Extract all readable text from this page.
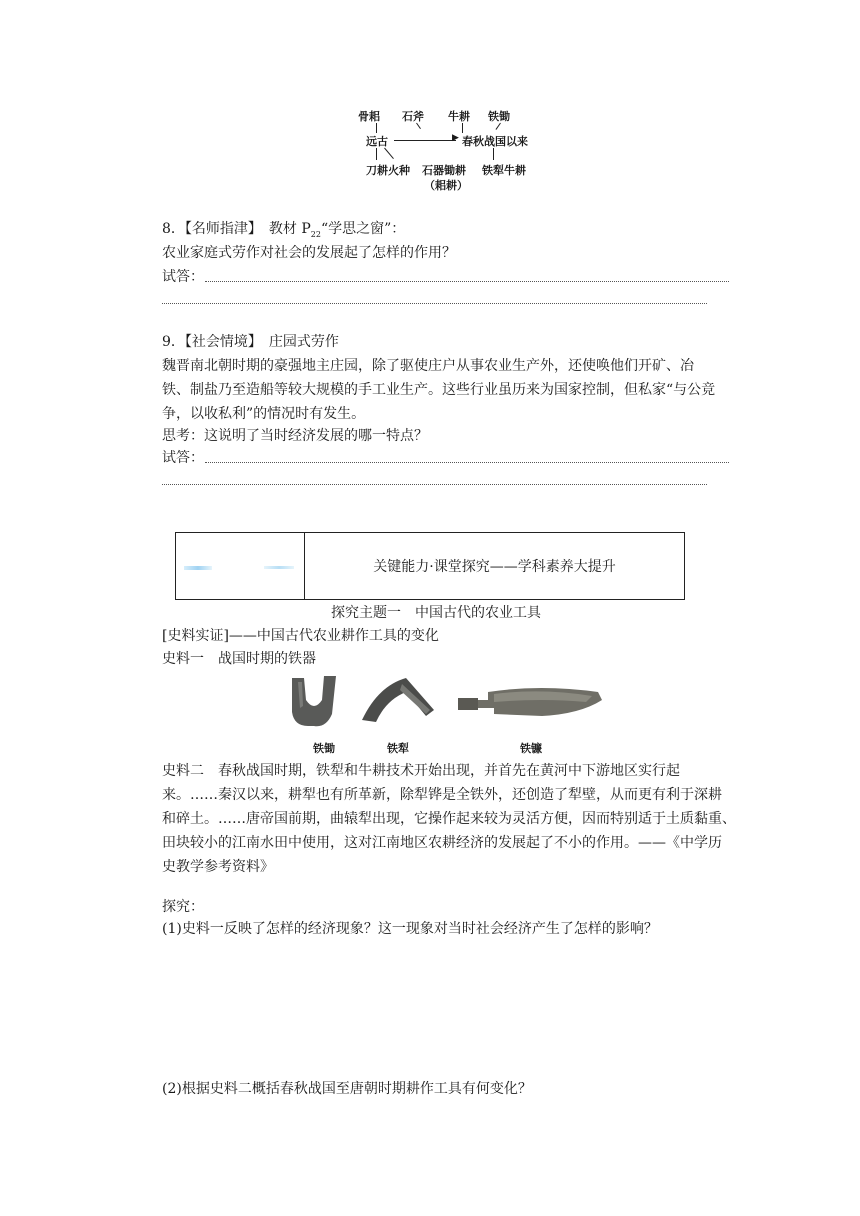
骨耜 石斧 牛耕 铁锄
远古	▶ 春秋战国以来
刀耕火种 石器锄耕
（耜耕）
铁犁牛耕
8．【名师指津】　教材 $P_{22}“$学思之窗”：
农业家庭式劳作对社会的发展起了怎样的作用？
试答：
9．【社会情境】　庄园式劳作
魏晋南北朝时期的豪强地主庄园，除了驱使庄户从事农业生产外，还使唤他们开矿、冶
铁、制盐乃至造船等较大规模的手工业生产。这些行业虽历来为国家控制，但私家“与公竞
争，以收私利”的情况时有发生。
思考：这说明了当时经济发展的哪一特点？
试答：
关键能力·课堂探究——学科素养大提升
探究主题一　中国古代的农业工具
[史料实证]——中国古代农业耕作工具的变化
史料一　战国时期的铁器
铁锄	铁犁	铁镰
史料二　春秋战国时期，铁犁和牛耕技术开始出现，并首先在黄河中下游地区实行起
来。……秦汉以来，耕犁也有所革新，除犁铧是全铁外，还创造了犁壁，从而更有利于深耕
和碎土。……唐帝国前期，曲辕犁出现，它操作起来较为灵活方便，因而特别适于土质黏重、
田块较小的江南水田中使用，这对江南地区农耕经济的发展起了不小的作用。——《中学历
史教学参考资料》
探究：
(1)史料一反映了怎样的经济现象？这一现象对当时社会经济产生了怎样的影响？
(2)根据史料二概括春秋战国至唐朝时期耕作工具有何变化？
